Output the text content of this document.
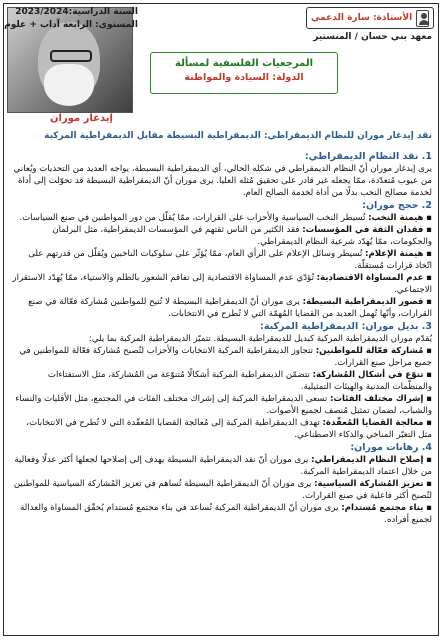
إيدغار موران
السنة الدراسية:2023/2024
المستوى: الرابعة آداب + علوم
الأستاذة: سارة الدعمي
معهد بني حسان / المنستير
المرجعيات الفلسفية لمسألة
الدولة: السيادة والمواطنة
نقد إيدغار موران للنظام الديمقراطي: الديمقراطية البسيطة مقابل الديمقراطية المركبة
1. نقد النظام الديمقراطي:
يرى إيدغار موران أنّ النظام الديمقراطي في شكله الحالي، أي الديمقراطية البسيطة، يواجه العديد من التحديات ويُعاني من عيوب مُتعدّدة، ممّا يجعله غير قادر على تحقيق مُثله العليا. يرى موران أنّ الديمقراطية البسيطة قد تحوّلت إلى أداة لخدمة مصالح النخب بدلًا من أداة لخدمة الصالح العام.
2. حجج موران:
▪ هيمنة النخب: تُسيطر النخب السياسية والأحزاب على القرارات، ممّا يُقلّل من دور المواطنين في صنع السياسات.
▪ فقدان الثقة في المؤسسات: فقد الكثير من الناس ثقتهم في المؤسسات الديمقراطية، مثل البرلمان والحكومات، ممّا يُهدّد شرعية النظام الديمقراطي.
▪ هيمنة الإعلام: تُسيطر وسائل الإعلام على الرأي العام، ممّا يُؤثّر على سلوكيات الناخبين ويُقلّل من قدرتهم على اتّخاذ قرارات مُستقلّة.
▪ عدم المساواة الاقتصادية: تُؤدّي عدم المساواة الاقتصادية إلى تفاقم الشعور بالظلم والاستياء، ممّا يُهدّد الاستقرار الاجتماعي.
▪ قصور الديمقراطية البسيطة: يرى موران أنّ الديمقراطية البسيطة لا تُتيح للمواطنين مُشاركة فعّالة في صنع القرارات، وأنّها تُهمل العديد من القضايا المُهمّة التي لا تُطرح في الانتخابات.
3. بديل موران: الديمقراطية المركبة:
يُقدّم موران الديمقراطية المركبة كبديل للديمقراطية البسيطة. تتميّز الديمقراطية المركبة بما يلي:
▪ مُشاركة فعّالة للمواطنين: تتجاوز الديمقراطية المركبة الانتخابات والأحزاب لتُصبح مُشاركة فعّالة للمواطنين في جميع مراحل صنع القرارات.
▪ تنوّع في أشكال المُشاركة: تتضمّن الديمقراطية المركبة أشكالًا مُتنوّعة من المُشاركة، مثل الاستفتاءات والمنظّمات المدنية والهيئات التمثيلية.
▪ إشراك مختلف الفئات: تسعى الديمقراطية المركبة إلى إشراك مختلف الفئات في المجتمع، مثل الأقليات والنساء والشباب، لضمان تمثيل مُنصف لجميع الأصوات.
▪ معالجة القضايا المُعقّدة: تهدف الديمقراطية المركبة إلى مُعالجة القضايا المُعقّدة التي لا تُطرح في الانتخابات، مثل التغيّر المناخي والذكاء الاصطناعي.
4. رهانات موران:
▪ إصلاح النظام الديمقراطي: يرى موران أنّ نقد الديمقراطية البسيطة يهدف إلى إصلاحها لجعلها أكثر عدلًا وفعالية من خلال اعتماد الديمقراطية المركبة.
▪ تعزيز المُشاركة السياسية: يرى موران أنّ الديمقراطية البسيطة تُساهم في تعزيز المُشاركة السياسية للمواطنين لتُصبح أكثر فاعلية في صنع القرارات.
▪ بناء مجتمع مُستدام: يرى موران أنّ الديمقراطية المركبة تُساعد في بناء مجتمع مُستدام يُحقّق المساواة والعدالة لجميع أفراده.
